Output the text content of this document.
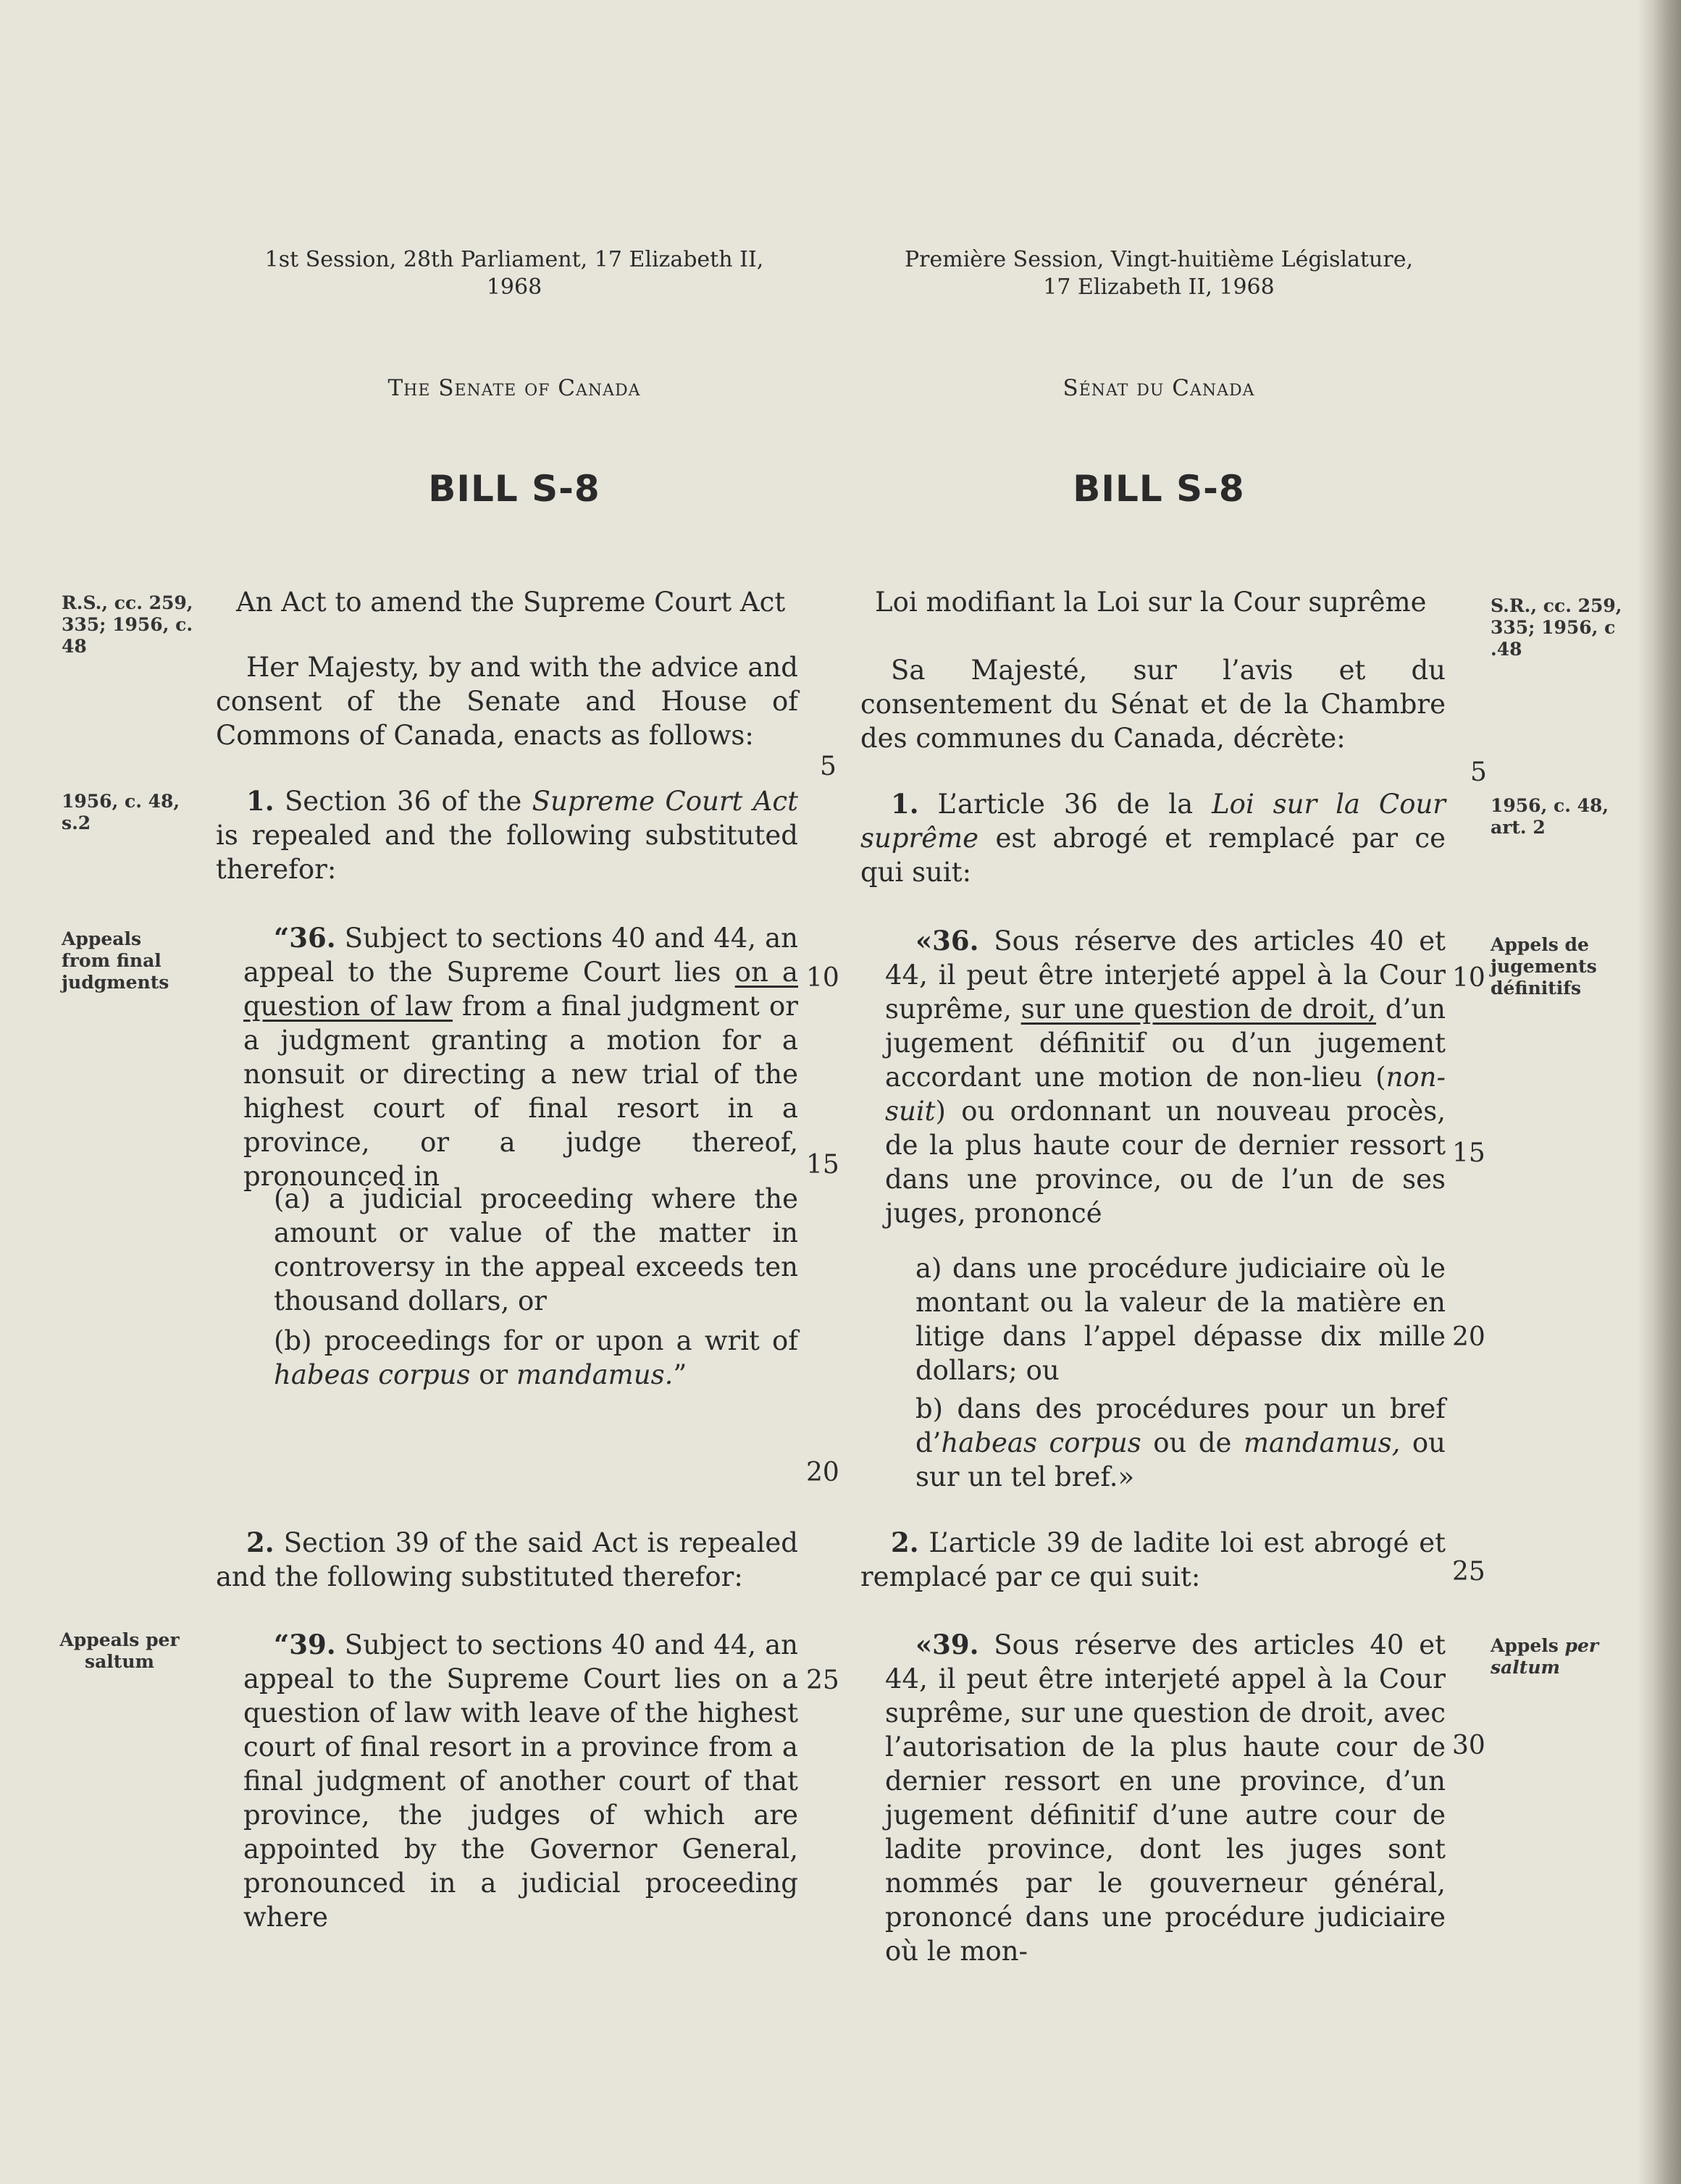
1st Session, 28th Parliament, 17 Elizabeth II,
1968
The Senate of Canada
BILL S-8
Première Session, Vingt-huitième Législature,
17 Elizabeth II, 1968
Sénat du Canada
BILL S-8
R.S., cc. 259, 335; 1956, c. 48
1956, c. 48, s.2
Appeals from final judgments
Appeals per saltum
S.R., cc. 259, 335; 1956, c .48
1956, c. 48, art. 2
Appels de jugements définitifs
Appels per saltum
An Act to amend the Supreme Court Act
Her Majesty, by and with the advice and consent of the Senate and House of Commons of Canada, enacts as follows:
1. Section 36 of the Supreme Court Act is repealed and the following substituted therefor:
“36. Subject to sections 40 and 44, an appeal to the Supreme Court lies on a question of law from a final judgment or a judgment granting a motion for a nonsuit or directing a new trial of the highest court of final resort in a province, or a judge thereof, pronounced in
(a) a judicial proceeding where the amount or value of the matter in controversy in the appeal exceeds ten thousand dollars, or
(b) proceedings for or upon a writ of habeas corpus or mandamus.”
2. Section 39 of the said Act is repealed and the following substituted therefor:
“39. Subject to sections 40 and 44, an appeal to the Supreme Court lies on a question of law with leave of the highest court of final resort in a province from a final judgment of another court of that province, the judges of which are appointed by the Governor General, pronounced in a judicial proceeding where
5
10
15
20
25
Loi modifiant la Loi sur la Cour suprême
Sa Majesté, sur l’avis et du consentement du Sénat et de la Chambre des communes du Canada, décrète:
1. L’article 36 de la Loi sur la Cour suprême est abrogé et remplacé par ce qui suit:
«36. Sous réserve des articles 40 et 44, il peut être interjeté appel à la Cour suprême, sur une question de droit, d’un jugement définitif ou d’un jugement accordant une motion de non-lieu (non-suit) ou ordonnant un nouveau procès, de la plus haute cour de dernier ressort dans une province, ou de l’un de ses juges, prononcé
a) dans une procédure judiciaire où le montant ou la valeur de la matière en litige dans l’appel dépasse dix mille dollars; ou
b) dans des procédures pour un bref d’habeas corpus ou de mandamus, ou sur un tel bref.»
2. L’article 39 de ladite loi est abrogé et remplacé par ce qui suit:
«39. Sous réserve des articles 40 et 44, il peut être interjeté appel à la Cour suprême, sur une question de droit, avec l’autorisation de la plus haute cour de dernier ressort en une province, d’un jugement définitif d’une autre cour de ladite province, dont les juges sont nommés par le gouverneur général, prononcé dans une procédure judiciaire où le mon-
5
10
15
20
25
30
